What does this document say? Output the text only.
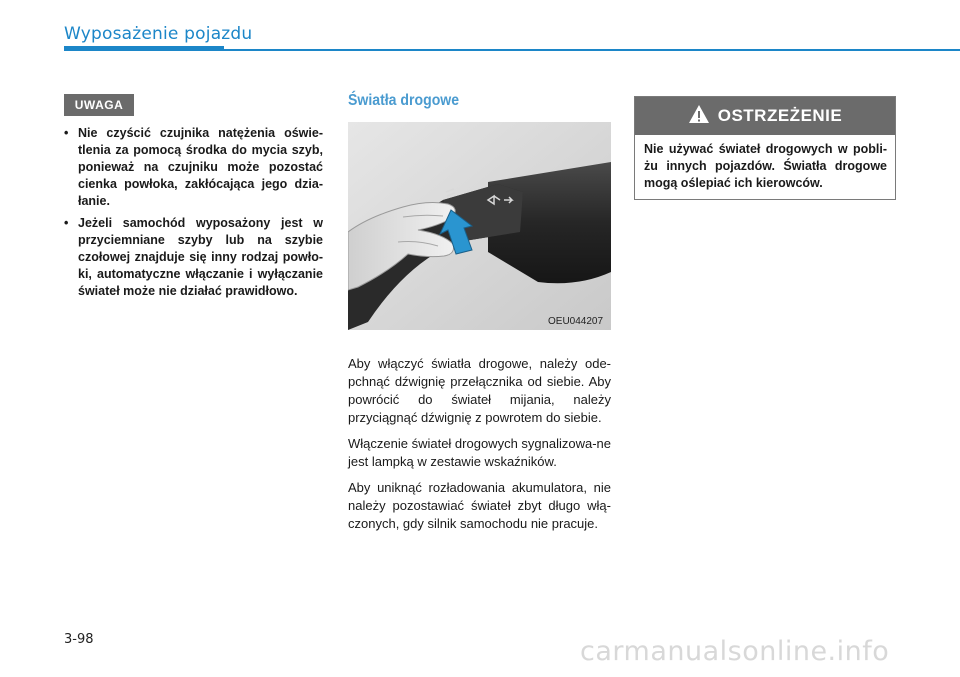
Wyposażenie pojazdu
UWAGA
• Nie czyścić czujnika natężenia oświe-tlenia za pomocą środka do mycia szyb, ponieważ na czujniku może pozostać cienka powłoka, zakłócająca jego dzia-łanie.
• Jeżeli samochód wyposażony jest w przyciemniane szyby lub na szybie czołowej znajduje się inny rodzaj powło-ki, automatyczne włączanie i wyłączanie świateł może nie działać prawidłowo.
Światła drogowe
OEU044207

Aby włączyć światła drogowe, należy ode-pchnąć dźwignię przełącznika od siebie. Aby powrócić do świateł mijania, należy przyciągnąć dźwignię z powrotem do siebie.

Włączenie świateł drogowych sygnalizowa-ne jest lampką w zestawie wskaźników.

Aby uniknąć rozładowania akumulatora, nie należy pozostawiać świateł zbyt długo włą-czonych, gdy silnik samochodu nie pracuje.

OSTRZEŻENIE

Nie używać świateł drogowych w pobli-żu innych pojazdów. Światła drogowe mogą oślepiać ich kierowców.

3-98	carmanualsonline.info
